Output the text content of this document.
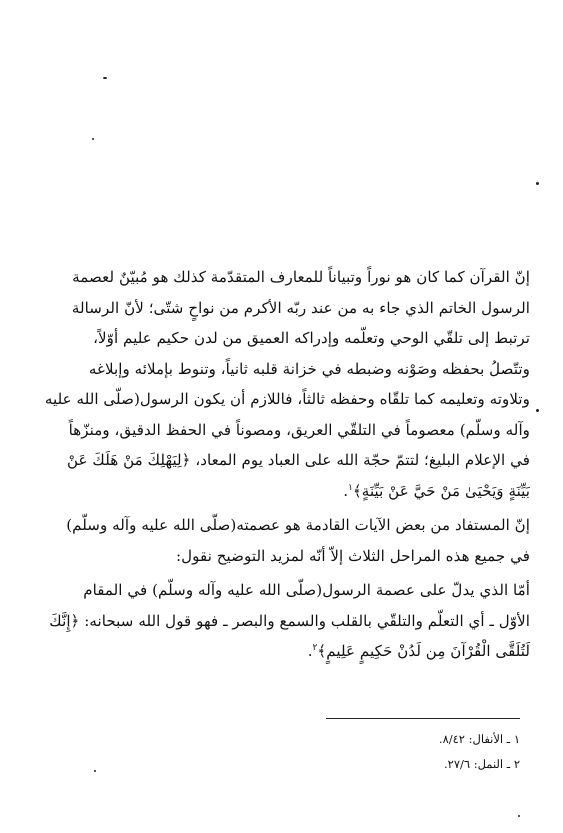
إنّ القرآن كما كان هو نوراً وتبياناً للمعارف المتقدّمة كذلك هو مُبيّنٌ لعصمة
الرسول الخاتم الذي جاء به من عند ربّه الأكرم من نواحٍ شتّى؛ لأنّ الرسالة
ترتبط إلى تلقّي الوحي وتعلّمه وإدراكه العميق من لدن حكيم عليم أوّلاً،
وتتّصلُ بحفظه وصَوْنه وضبطه في خزانة قلبه ثانياً، وتنوط بإملائه وإبلاغه
وتلاوته وتعليمه كما تلقّاه وحفظه ثالثاً، فاللازم أن يكون الرسول(صلّى الله عليه
وآله وسلّم) معصوماً في التلقّي العريق، ومصوناً في الحفظ الدقيق، ومنزّهاً
في الإعلام البليغ؛ لتتمّ حجّة الله على العباد يوم المعاد، ﴿لِيَهْلِكَ مَنْ هَلَكَ عَنْ
بَيِّنَةٍ وَيَحْيَىٰ مَنْ حَيَّ عَنْ بَيِّنَةٍ﴾$^١$.

إنّ المستفاد من بعض الآيات القادمة هو عصمته(صلّى الله عليه وآله وسلّم)
في جميع هذه المراحل الثلاث إلاّ أنّه لمزيد التوضيح نقول:

أمّا الذي يدلّ على عصمة الرسول(صلّى الله عليه وآله وسلّم) في المقام
الأوّل ـ أي التعلّم والتلقّي بالقلب والسمع والبصر ـ فهو قول الله سبحانه: ﴿إِنَّكَ
لَتُلَقَّى الْقُرْآنَ مِن لَدُنْ حَكِيمٍ عَلِيمٍ﴾$^٢$.

١ ـ الأنفال: ٨/٤٢.
٢ ـ النمل: ٢٧/٦.
